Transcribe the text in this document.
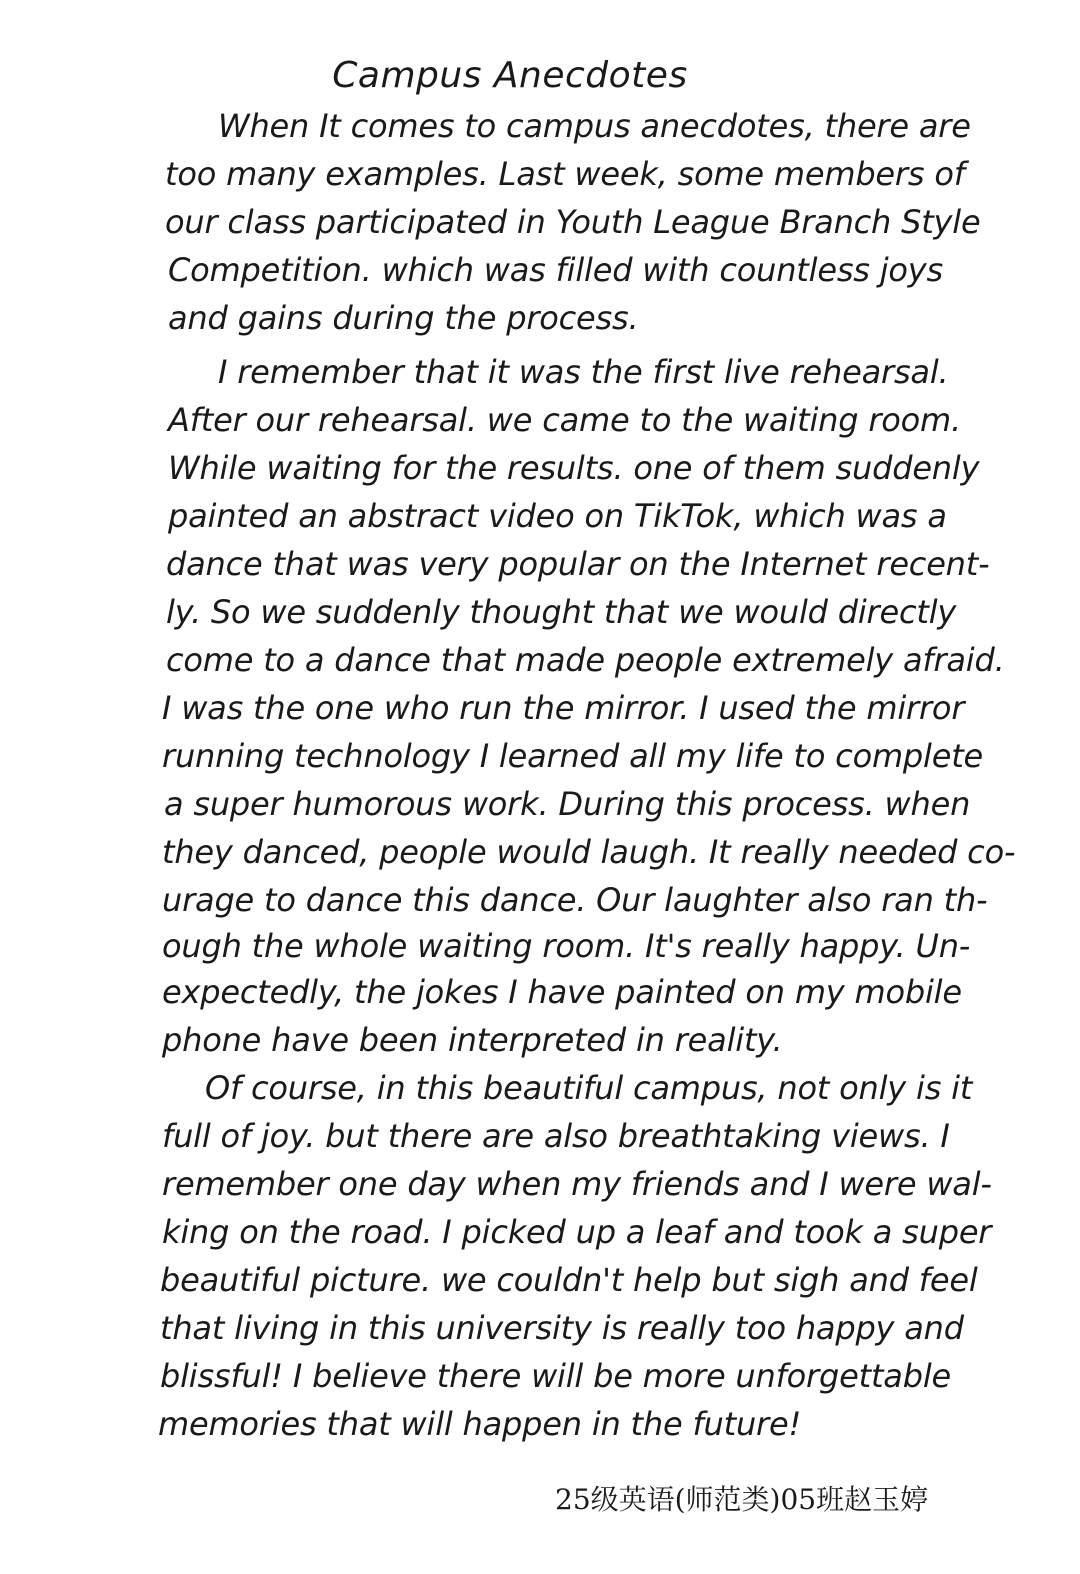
Campus Anecdotes
When It comes to campus anecdotes, there are
too many examples. Last week, some members of
our class participated in Youth League Branch Style
Competition. which was filled with countless joys
and gains during the process.
I remember that it was the first live rehearsal.
After our rehearsal. we came to the waiting room.
While waiting for the results. one of them suddenly
painted an abstract video on TikTok, which was a
dance that was very popular on the Internet recent-
ly. So we suddenly thought that we would directly
come to a dance that made people extremely afraid.
I was the one who run the mirror. I used the mirror
running technology I learned all my life to complete
a super humorous work. During this process. when
they danced, people would laugh. It really needed co-
urage to dance this dance. Our laughter also ran th-
ough the whole waiting room. It's really happy. Un-
expectedly, the jokes I have painted on my mobile
phone have been interpreted in reality.
Of course, in this beautiful campus, not only is it
full of joy. but there are also breathtaking views. I
remember one day when my friends and I were wal-
king on the road. I picked up a leaf and took a super
beautiful picture. we couldn't help but sigh and feel
that living in this university is really too happy and
blissful! I believe there will be more unforgettable
memories that will happen in the future!
25级英语(师范类)05班赵玉婷
